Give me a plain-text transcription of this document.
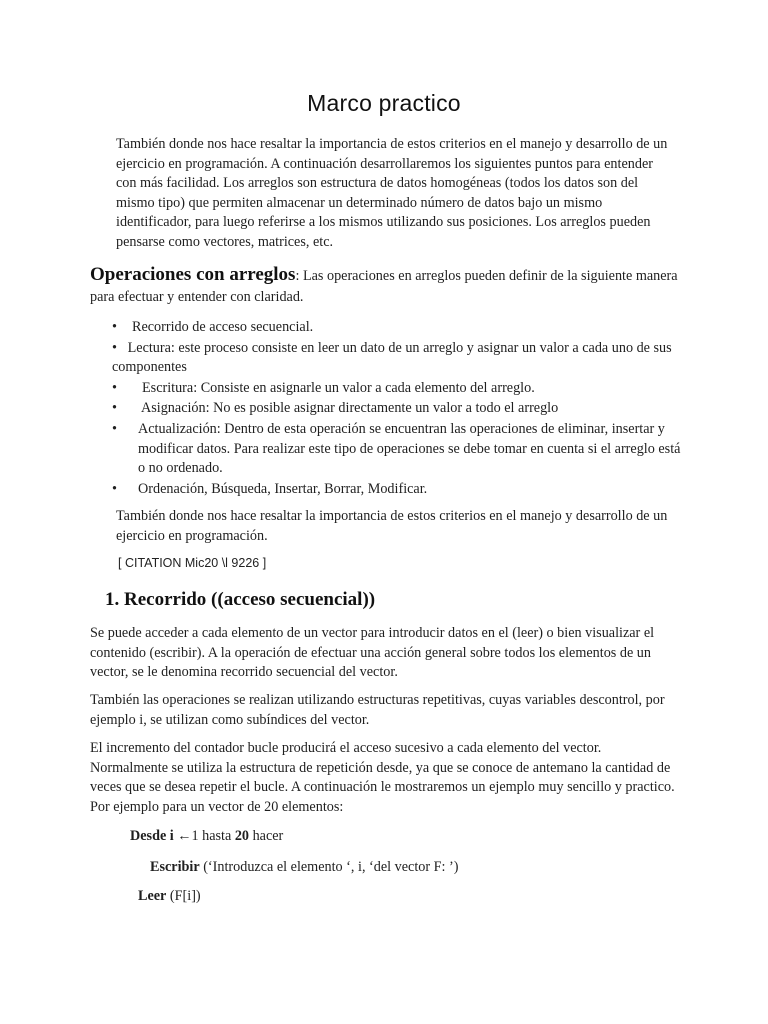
Marco practico

También donde nos hace resaltar la importancia de estos criterios en el manejo y desarrollo de un ejercicio en programación. A continuación desarrollaremos los siguientes puntos para entender con más facilidad. Los arreglos son estructura de datos homogéneas (todos los datos son del mismo tipo) que permiten almacenar un determinado número de datos bajo un mismo identificador, para luego referirse a los mismos utilizando sus posiciones. Los arreglos pueden pensarse como vectores, matrices, etc.

Operaciones con arreglos: Las operaciones en arreglos pueden definir de la siguiente manera para efectuar y entender con claridad.
• Recorrido de acceso secuencial.
• Lectura: este proceso consiste en leer un dato de un arreglo y asignar un valor a cada uno de sus componentes
• Escritura: Consiste en asignarle un valor a cada elemento del arreglo.
• Asignación: No es posible asignar directamente un valor a todo el arreglo
• Actualización: Dentro de esta operación se encuentran las operaciones de eliminar, insertar y modificar datos. Para realizar este tipo de operaciones se debe tomar en cuenta si el arreglo está o no ordenado.
• Ordenación, Búsqueda, Insertar, Borrar, Modificar.

También donde nos hace resaltar la importancia de estos criterios en el manejo y desarrollo de un ejercicio en programación.

[ CITATION Mic20 \l 9226 ]
1. Recorrido ((acceso secuencial))

Se puede acceder a cada elemento de un vector para introducir datos en el (leer) o bien visualizar el contenido (escribir). A la operación de efectuar una acción general sobre todos los elementos de un vector, se le denomina recorrido secuencial del vector.

También las operaciones se realizan utilizando estructuras repetitivas, cuyas variables descontrol, por ejemplo i, se utilizan como subíndices del vector.

El incremento del contador bucle producirá el acceso sucesivo a cada elemento del vector. Normalmente se utiliza la estructura de repetición desde, ya que se conoce de antemano la cantidad de veces que se desea repetir el bucle. A continuación le mostraremos un ejemplo muy sencillo y practico. Por ejemplo para un vector de 20 elementos:

Desde i ←1 hasta 20 hacer
Escribir (‘Introduzca el elemento ‘, i, ‘del vector F: ’)
Leer (F[i])
